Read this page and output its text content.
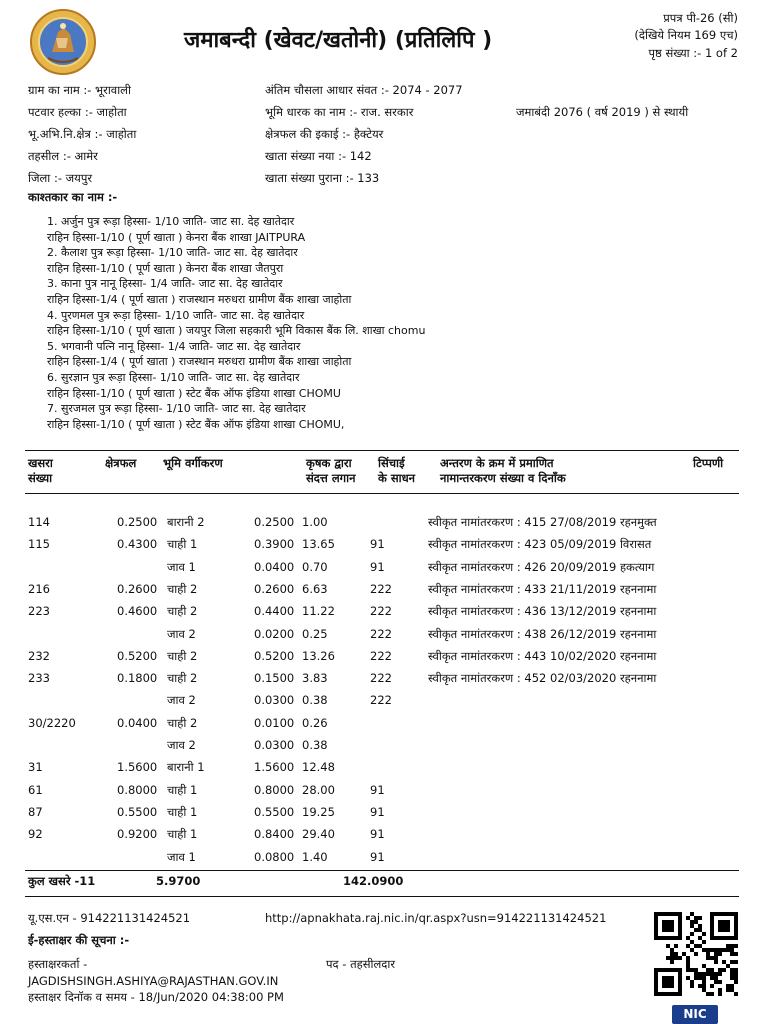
जमाबन्दी (खेवट/खतोनी) (प्रतिलिपि )
प्रपत्र पी-26 (सी)
(देखिये नियम 169 एच)
पृष्ठ संख्या :- 1 of 2
ग्राम का नाम :- भूरावाली	अंतिम चौसला आधार संवत :- 2074 - 2077
पटवार हल्का :- जाहोता	भूमि धारक का नाम :- राज. सरकार	जमाबंदी 2076 ( वर्ष 2019 ) से स्थायी
भू.अभि.नि.क्षेत्र :- जाहोता	क्षेत्रफल की इकाई :- हैक्टेयर
तहसील :- आमेर	खाता संख्या नया :- 142
जिला :- जयपुर	खाता संख्या पुराना :- 133
काश्तकार का नाम :-
1. अर्जुन पुत्र रूड़ा हिस्सा- 1/10 जाति- जाट सा. देह खातेदार
राहिन हिस्सा-1/10 ( पूर्ण खाता ) केनरा बैंक शाखा JAITPURA
2. कैलाश पुत्र रूड़ा हिस्सा- 1/10 जाति- जाट सा. देह खातेदार
राहिन हिस्सा-1/10 ( पूर्ण खाता ) केनरा बैंक शाखा जैतपुरा
3. काना पुत्र नानू हिस्सा- 1/4 जाति- जाट सा. देह खातेदार
राहिन हिस्सा-1/4 ( पूर्ण खाता ) राजस्थान मरुधरा ग्रामीण बैंक शाखा जाहोता
4. पुरणमल पुत्र रूड़ा हिस्सा- 1/10 जाति- जाट सा. देह खातेदार
राहिन हिस्सा-1/10 ( पूर्ण खाता ) जयपुर जिला सहकारी भूमि विकास बैंक लि. शाखा chomu
5. भगवानी पत्नि नानू हिस्सा- 1/4 जाति- जाट सा. देह खातेदार
राहिन हिस्सा-1/4 ( पूर्ण खाता ) राजस्थान मरुधरा ग्रामीण बैंक शाखा जाहोता
6. सुरज्ञान पुत्र रूड़ा हिस्सा- 1/10 जाति- जाट सा. देह खातेदार
राहिन हिस्सा-1/10 ( पूर्ण खाता ) स्टेट बैंक ऑफ इंडिया शाखा CHOMU
7. सुरजमल पुत्र रूड़ा हिस्सा- 1/10 जाति- जाट सा. देह खातेदार
राहिन हिस्सा-1/10 ( पूर्ण खाता ) स्टेट बैंक ऑफ इंडिया शाखा CHOMU,
खसरा
संख्या
क्षेत्रफल भूमि वर्गीकरण	कृषक द्वारा
संदत्त लगान
सिंचाई
के साधन
अन्तरण के क्रम में प्रमाणित
नामान्तरकरण संख्या व दिनाँक
टिप्पणी
114	0.2500 बारानी 2	0.2500 1.00	स्वीकृत नामांतरकरण : 415 27/08/2019 रहनमुक्त
115	0.4300 चाही 1	0.3900 13.65	91	स्वीकृत नामांतरकरण : 423 05/09/2019 विरासत
जाव 1	0.0400 0.70	91	स्वीकृत नामांतरकरण : 426 20/09/2019 हकत्याग
216	0.2600 चाही 2	0.2600 6.63	222	स्वीकृत नामांतरकरण : 433 21/11/2019 रहननामा
223	0.4600 चाही 2	0.4400 11.22	222	स्वीकृत नामांतरकरण : 436 13/12/2019 रहननामा
जाव 2	0.0200 0.25	222	स्वीकृत नामांतरकरण : 438 26/12/2019 रहननामा
232	0.5200 चाही 2	0.5200 13.26	222	स्वीकृत नामांतरकरण : 443 10/02/2020 रहननामा
233	0.1800 चाही 2	0.1500 3.83	222	स्वीकृत नामांतरकरण : 452 02/03/2020 रहननामा
जाव 2	0.0300 0.38	222
30/2220	0.0400 चाही 2	0.0100 0.26
जाव 2	0.0300 0.38
31	1.5600 बारानी 1	1.5600 12.48
61	0.8000 चाही 1	0.8000 28.00	91
87	0.5500 चाही 1	0.5500 19.25	91
92	0.9200 चाही 1	0.8400 29.40	91
जाव 1	0.0800 1.40	91
कुल खसरे -11	5.9700	142.0900
यू.एस.एन - 914221131424521	http://apnakhata.raj.nic.in/qr.aspx?usn=914221131424521
ई-हस्ताक्षर की सूचना :-
हस्ताक्षरकर्ता -	पद - तहसीलदार
JAGDISHSINGH.ASHIYA@RAJASTHAN.GOV.IN
हस्ताक्षर दिनॉक व समय - 18/Jun/2020 04:38:00 PM
NIC
